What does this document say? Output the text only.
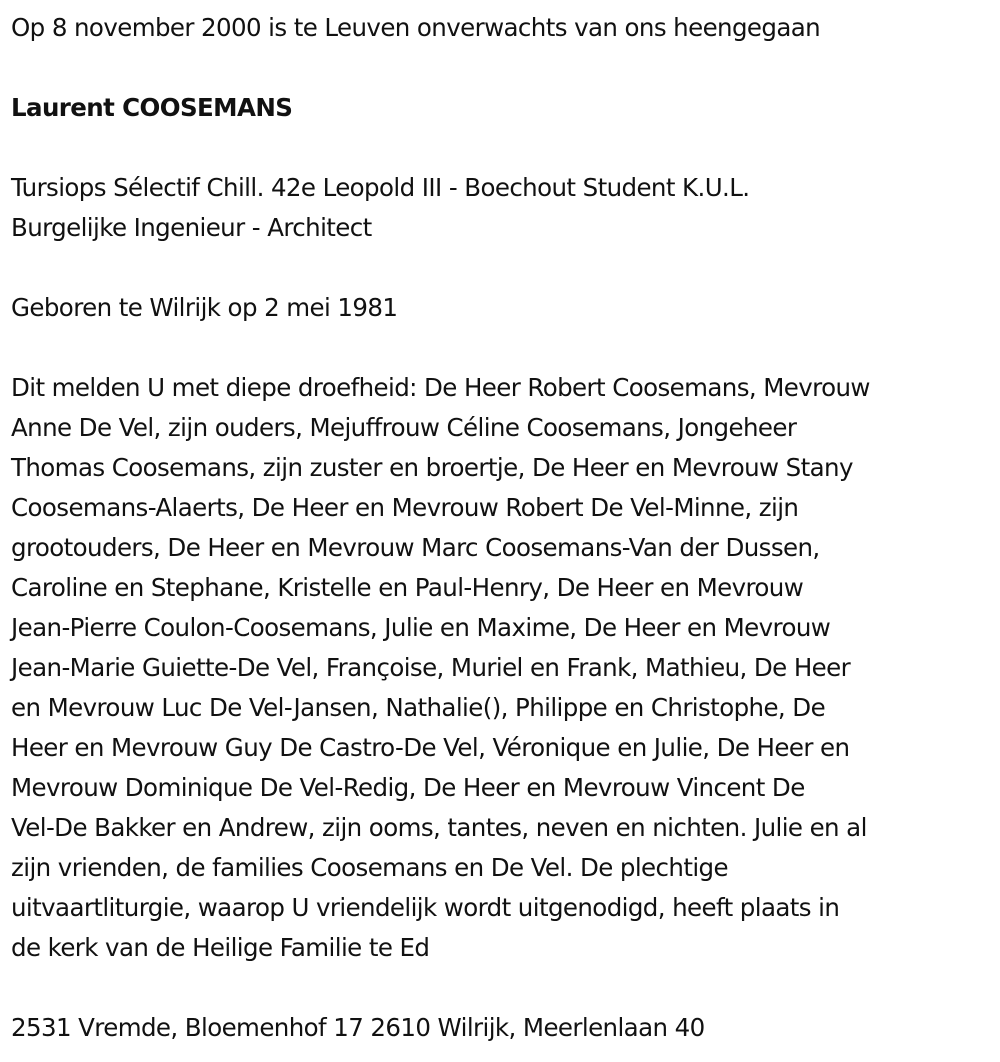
Op 8 november 2000 is te Leuven onverwachts van ons heengegaan

Laurent COOSEMANS

Tursiops Sélectif Chill. 42e Leopold III - Boechout Student K.U.L.

Burgelijke Ingenieur - Architect

Geboren te Wilrijk op 2 mei 1981

Dit melden U met diepe droefheid: De Heer Robert Coosemans, Mevrouw
Anne De Vel, zijn ouders, Mejuffrouw Céline Coosemans, Jongeheer
Thomas Coosemans, zijn zuster en broertje, De Heer en Mevrouw Stany
Coosemans-Alaerts, De Heer en Mevrouw Robert De Vel-Minne, zijn
grootouders, De Heer en Mevrouw Marc Coosemans-Van der Dussen,
Caroline en Stephane, Kristelle en Paul-Henry, De Heer en Mevrouw
Jean-Pierre Coulon-Coosemans, Julie en Maxime, De Heer en Mevrouw
Jean-Marie Guiette-De Vel, Françoise, Muriel en Frank, Mathieu, De Heer
en Mevrouw Luc De Vel-Jansen, Nathalie(), Philippe en Christophe, De
Heer en Mevrouw Guy De Castro-De Vel, Véronique en Julie, De Heer en
Mevrouw Dominique De Vel-Redig, De Heer en Mevrouw Vincent De
Vel-De Bakker en Andrew, zijn ooms, tantes, neven en nichten. Julie en al
zijn vrienden, de families Coosemans en De Vel. De plechtige
uitvaartliturgie, waarop U vriendelijk wordt uitgenodigd, heeft plaats in
de kerk van de Heilige Familie te Ed

2531 Vremde, Bloemenhof 17 2610 Wilrijk, Meerlenlaan 40
